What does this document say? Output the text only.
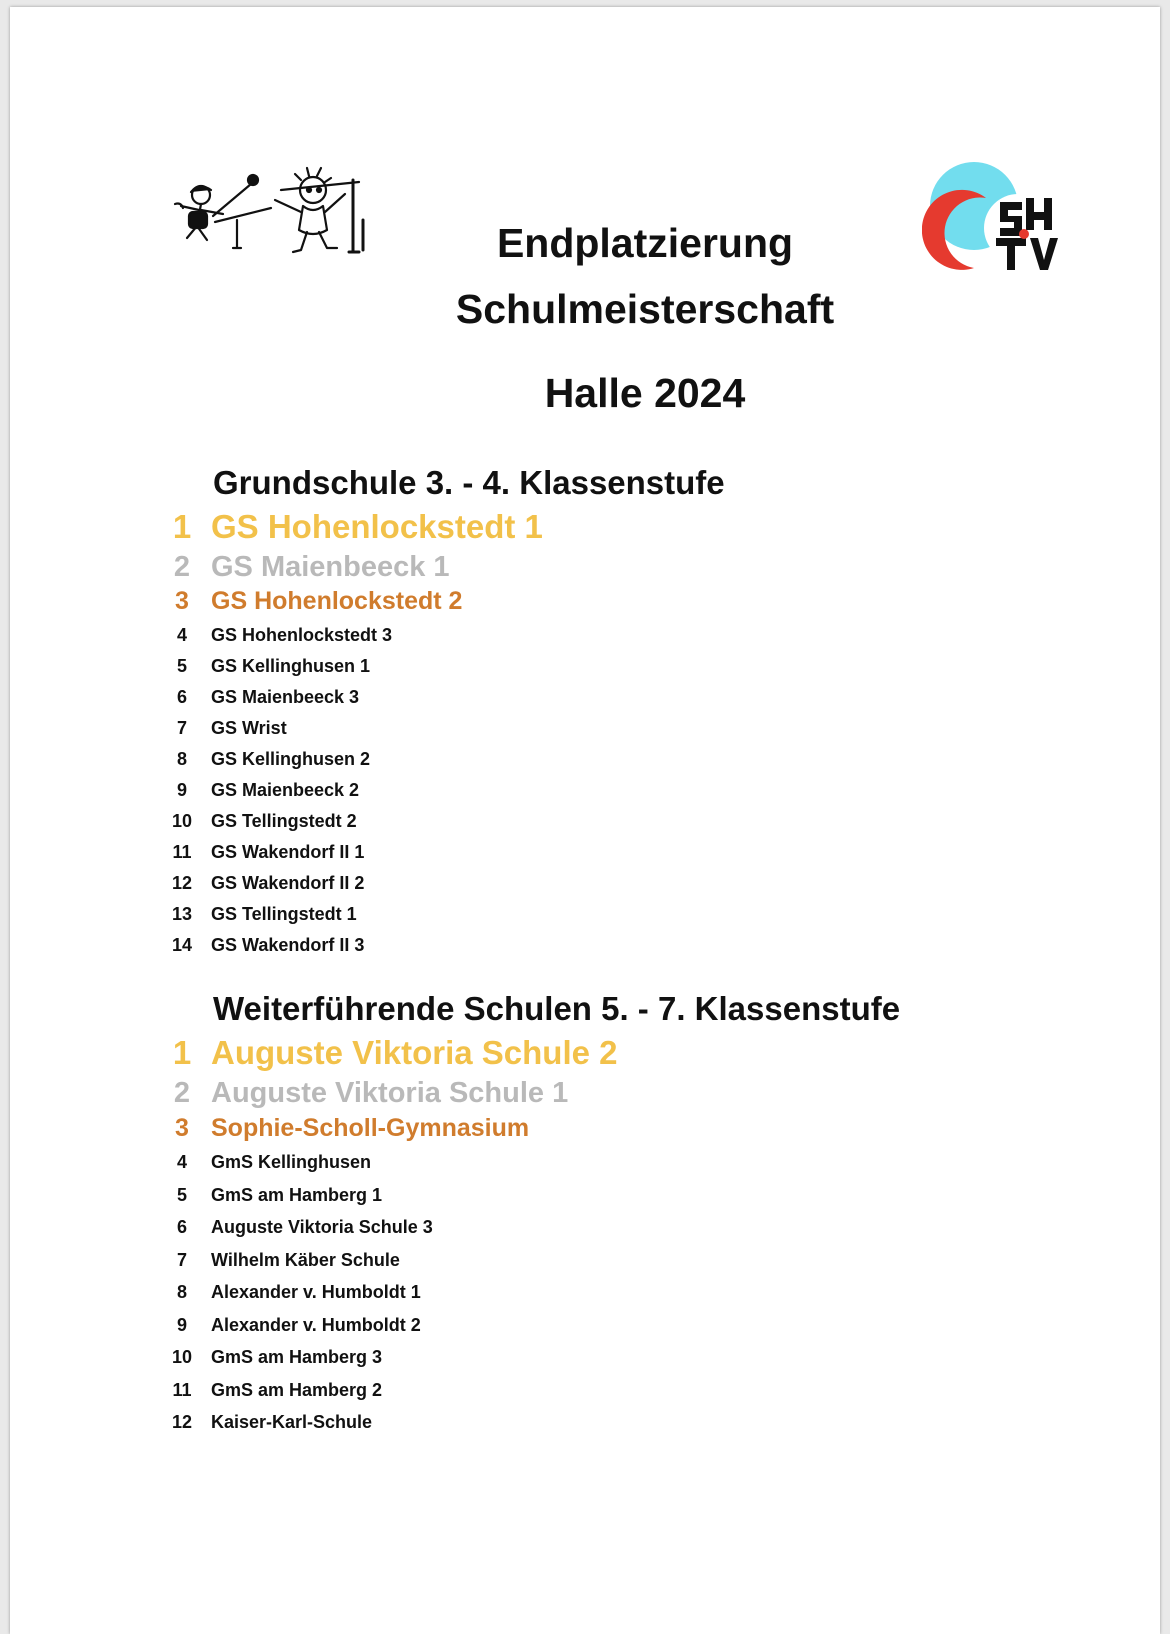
Endplatzierung
Schulmeisterschaft
Halle 2024
Grundschule 3. - 4. Klassenstufe
1 GS Hohenlockstedt 1
2 GS Maienbeeck 1
3 GS Hohenlockstedt 2
4	GS Hohenlockstedt 3
5	GS Kellinghusen 1
6	GS Maienbeeck 3
7	GS Wrist
8	GS Kellinghusen 2
9	GS Maienbeeck 2
10 GS Tellingstedt 2
11 GS Wakendorf II 1
12 GS Wakendorf II 2
13 GS Tellingstedt 1
14 GS Wakendorf II 3
Weiterführende Schulen 5. - 7. Klassenstufe
1 Auguste Viktoria Schule 2
2 Auguste Viktoria Schule 1
3 Sophie-Scholl-Gymnasium
4	GmS Kellinghusen
5	GmS am Hamberg 1
6	Auguste Viktoria Schule 3
7	Wilhelm Käber Schule
8	Alexander v. Humboldt 1
9	Alexander v. Humboldt 2
10 GmS am Hamberg 3
11 GmS am Hamberg 2
12 Kaiser-Karl-Schule
